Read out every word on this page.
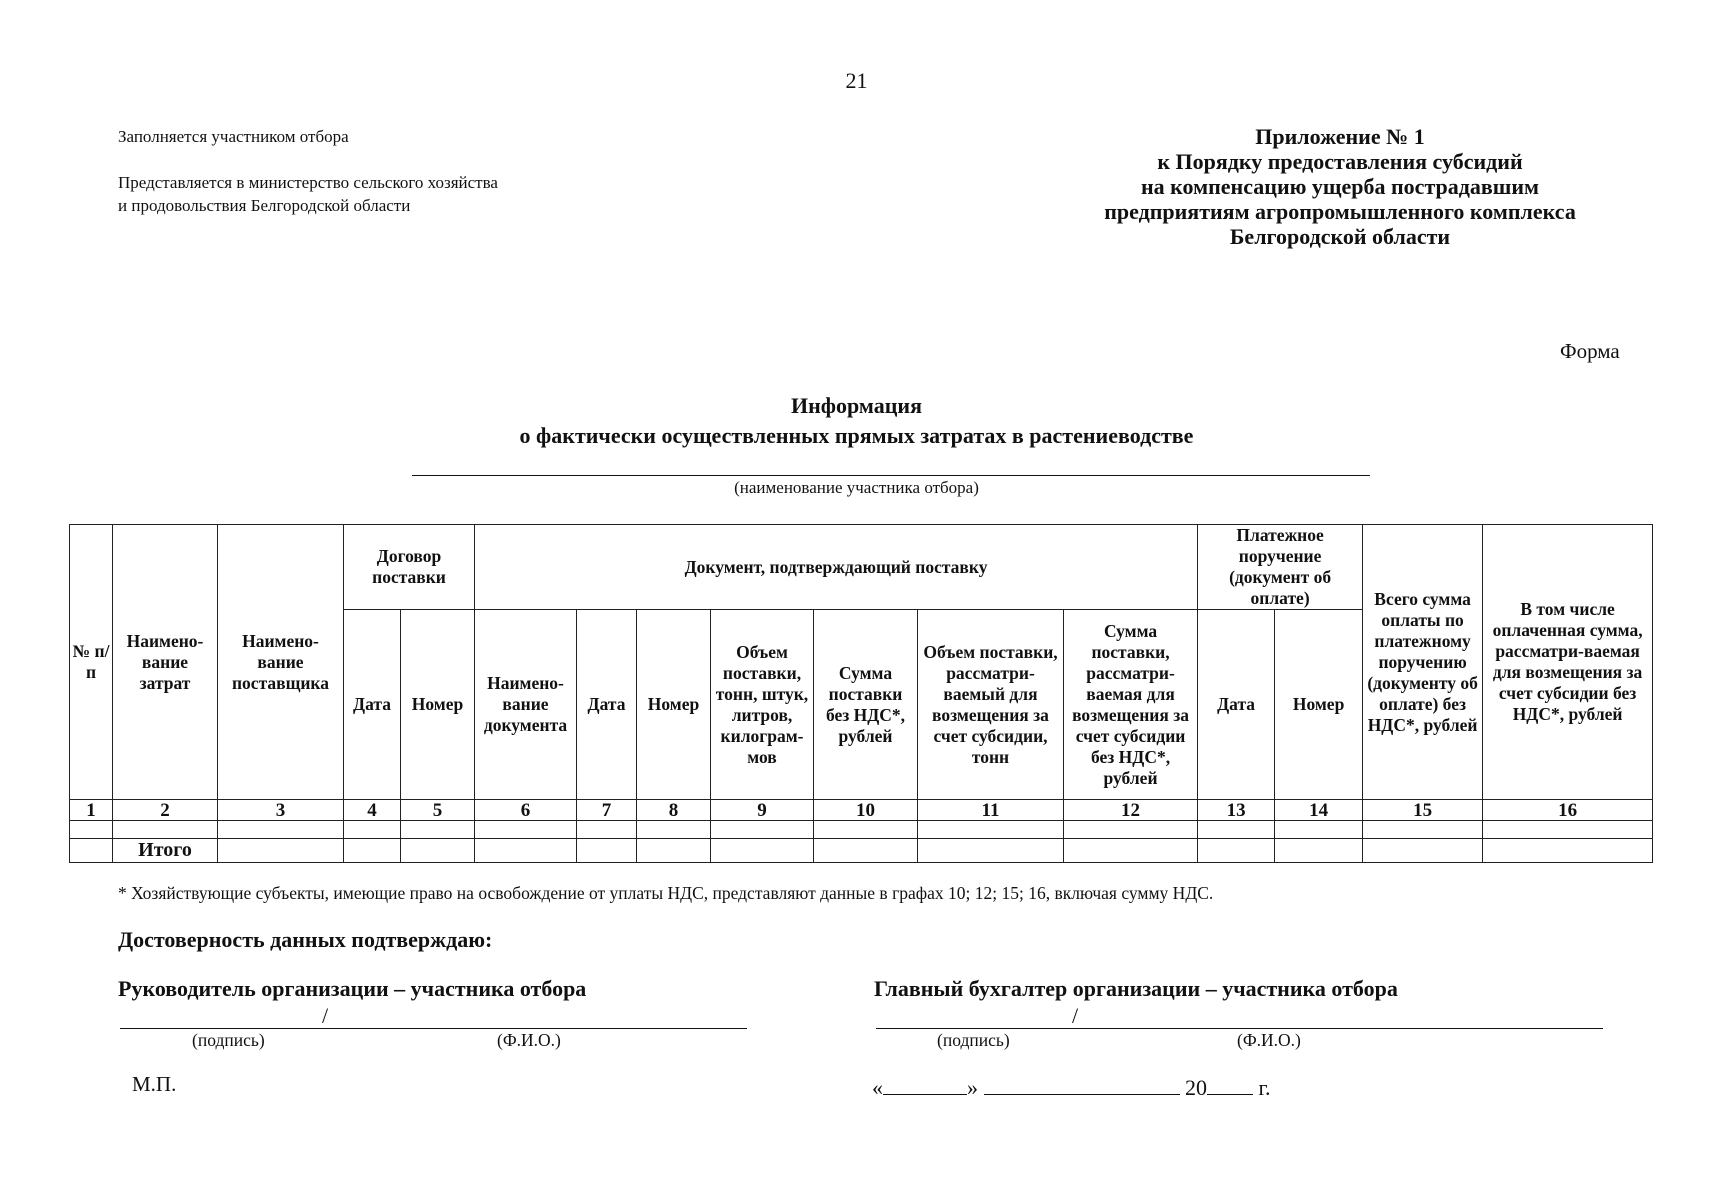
21
Заполняется участником отбора
Представляется в министерство сельского хозяйства
и продовольствия Белгородской области
Приложение № 1
к Порядку предоставления субсидий
на компенсацию ущерба пострадавшим
предприятиям агропромышленного комплекса
Белгородской области
Форма
Информация
о фактически осуществленных прямых затратах в растениеводстве
(наименование участника отбора)
№ п/п	Наимено-вание затрат	Наимено-вание поставщика	Договор поставки		Документ, подтверждающий поставку							Платежное поручение (документ об оплате)		Всего сумма оплаты по платежному поручению (документу об оплате) без НДС*, рублей	В том числе оплаченная сумма, рассматри-ваемая для возмещения за счет субсидии без НДС*, рублей
			Дата	Номер	Наимено-вание документа	Дата	Номер	Объем поставки, тонн, штук, литров, килограм-мов	Сумма поставки без НДС*, рублей	Объем поставки, рассматри-ваемый для возмещения за счет субсидии, тонн	Сумма поставки, рассматри-ваемая для возмещения за счет субсидии без НДС*, рублей	Дата	Номер		
1	2	3	4	5	6	7	8	9	10	11	12	13	14	15	16

	Итого														
* Хозяйствующие субъекты, имеющие право на освобождение от уплаты НДС, представляют данные в графах 10; 12; 15; 16, включая сумму НДС.
Достоверность данных подтверждаю:
Руководитель организации – участника отбора
/
(подпись)	(Ф.И.О.)
Главный бухгалтер организации – участника отбора
/
(подпись)	(Ф.И.О.)
М.П.	«	»	20 г.
